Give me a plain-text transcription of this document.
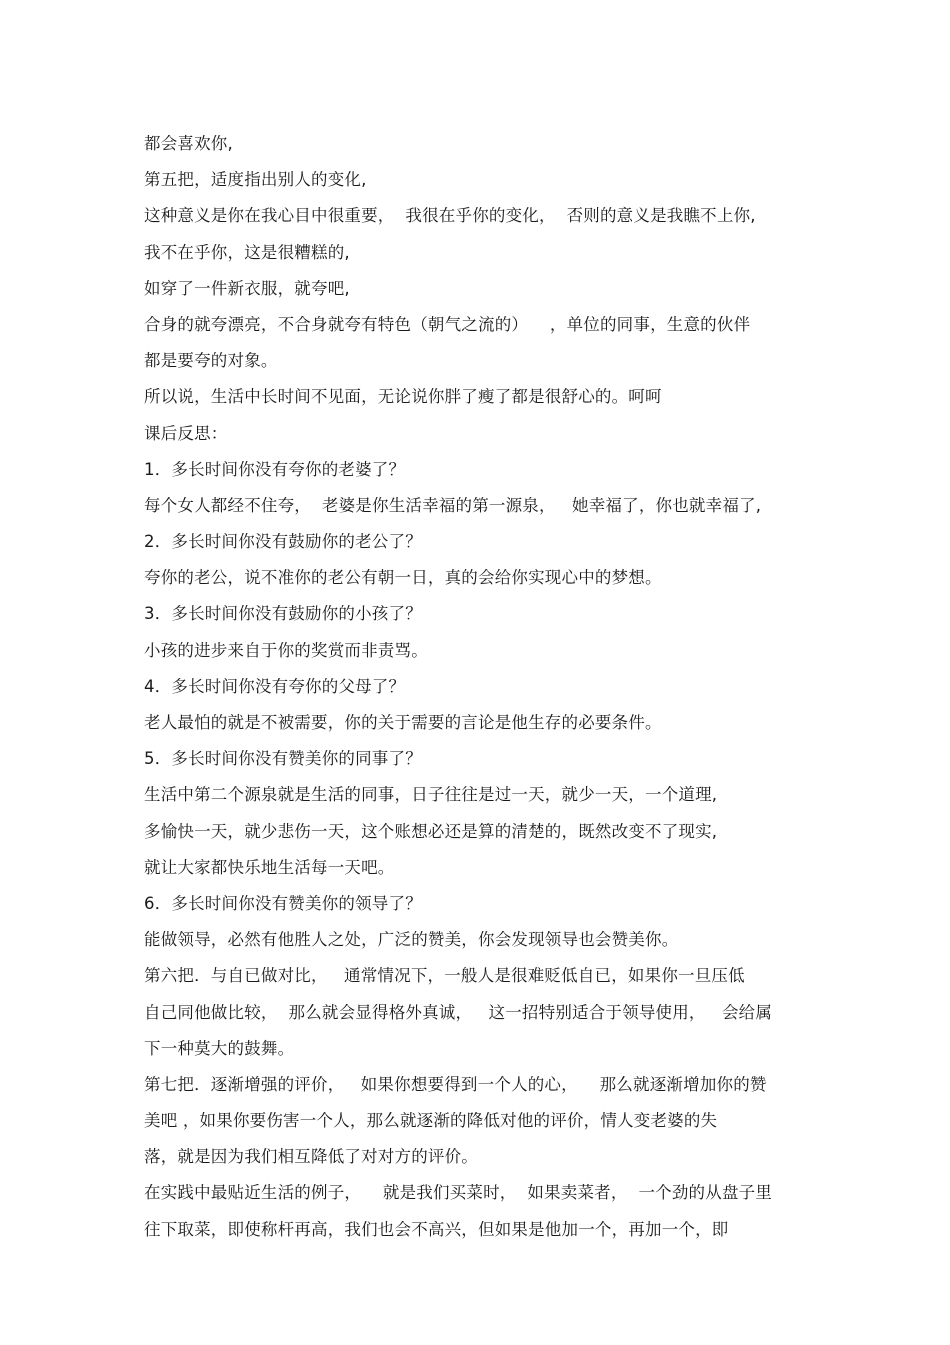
都会喜欢你,
第五把，适度指出别人的变化,
这种意义是你在我心目中很重要，  我很在乎你的变化，  否则的意义是我瞧不上你,
我不在乎你，这是很糟糕的,
如穿了一件新衣服，就夸吧,
合身的就夸漂亮，不合身就夸有特色（朝气之流的）    ，单位的同事，生意的伙伴
都是要夸的对象。
所以说，生活中长时间不见面，无论说你胖了瘦了都是很舒心的。呵呵
课后反思：
1．多长时间你没有夸你的老婆了？
每个女人都经不住夸，  老婆是你生活幸福的第一源泉，   她幸福了，你也就幸福了,
2．多长时间你没有鼓励你的老公了？
夸你的老公，说不准你的老公有朝一日，真的会给你实现心中的梦想。
3．多长时间你没有鼓励你的小孩了？
小孩的进步来自于你的奖赏而非责骂。
4．多长时间你没有夸你的父母了？
老人最怕的就是不被需要，你的关于需要的言论是他生存的必要条件。
5．多长时间你没有赞美你的同事了？
生活中第二个源泉就是生活的同事，日子往往是过一天，就少一天，一个道理,
多愉快一天，就少悲伤一天，这个账想必还是算的清楚的，既然改变不了现实,
就让大家都快乐地生活每一天吧。
6．多长时间你没有赞美你的领导了？
能做领导，必然有他胜人之处，广泛的赞美，你会发现领导也会赞美你。
第六把．与自已做对比，   通常情况下，一般人是很难贬低自已，如果你一旦压低
自己同他做比较，  那么就会显得格外真诚，   这一招特别适合于领导使用，   会给属
下一种莫大的鼓舞。
第七把．逐渐增强的评价，   如果你想要得到一个人的心，    那么就逐渐增加你的赞
美吧 ，如果你要伤害一个人，那么就逐渐的降低对他的评价，情人变老婆的失
落，就是因为我们相互降低了对对方的评价。
在实践中最贴近生活的例子，    就是我们买菜时，  如果卖菜者，  一个劲的从盘子里
往下取菜，即使称杆再高，我们也会不高兴，但如果是他加一个，再加一个，即
